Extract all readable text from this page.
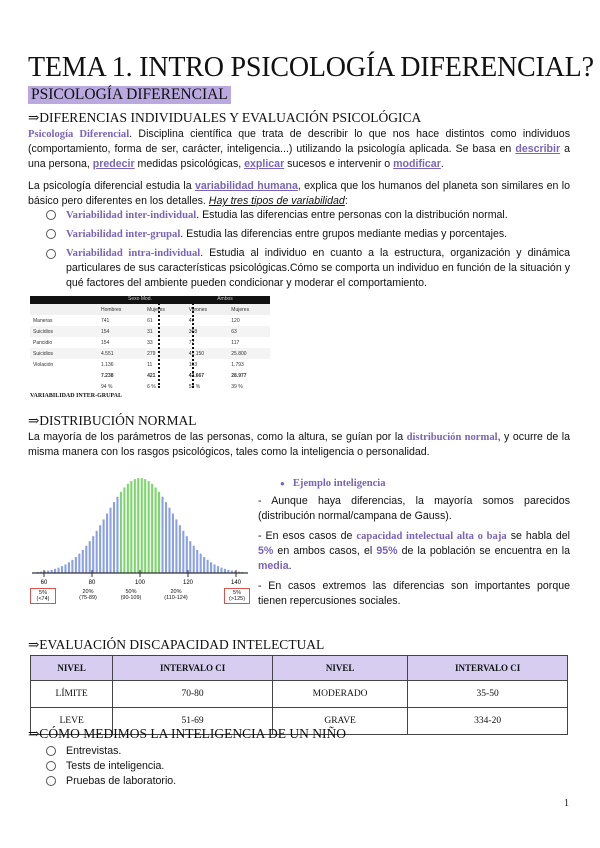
TEMA 1. INTRO PSICOLOGÍA DIFERENCIAL?
PSICOLOGÍA DIFERENCIAL
⇒DIFERENCIAS INDIVIDUALES Y EVALUACIÓN PSICOLÓGICA
Psicología Diferencial. Disciplina científica que trata de describir lo que nos hace distintos como individuos (comportamiento, forma de ser, carácter, inteligencia...) utilizando la psicología aplicada. Se basa en describir a una persona, predecir medidas psicológicas, explicar sucesos e intervenir o modificar.
La psicología diferencial estudia la variabilidad humana, explica que los humanos del planeta son similares en lo básico pero diferentes en los detalles. Hay tres tipos de variabilidad:
Variabilidad inter-individual. Estudia las diferencias entre personas con la distribución normal.
Variabilidad inter-grupal. Estudia las diferencias entre grupos mediante medias y porcentajes.
Variabilidad intra-individual. Estudia al individuo en cuanto a la estructura, organización y dinámica particulares de sus características psicológicas.Cómo se comporta un individuo en función de la situación y qué factores del ambiente pueden condicionar y moderar el comportamiento.
Sexo Mod.	Ambos
	Hombres	Mujeres	Varones	Mujeres
Maneras	741	61	47	120
Suicidios	154	31	368	63
Pancidio	154	33	77	117
Suicidios	4.551	279	41.150	25.800
Violación	1.136	11	153	1.793
	7.238	421	43.667	28.977
	94 %	6 %	53 %	39 %
VARIABILIDAD INTER-GRUPAL
⇒DISTRIBUCIÓN NORMAL
La mayoría de los parámetros de las personas, como la altura, se guían por la distribución normal, y ocurre de la misma manera con los rasgos psicológicos, tales como la inteligencia o personalidad.
60	80	100	120	140
5%
(<74)
20%
(75-89)
50%
(90-109)
20%
(110-124)
5%
(>125)
● Ejemplo inteligencia
- Aunque haya diferencias, la mayoría somos parecidos (distribución normal/campana de Gauss).
- En esos casos de capacidad intelectual alta o baja se habla del 5% en ambos casos, el 95% de la población se encuentra en la media.
- En casos extremos las diferencias son importantes porque tienen repercusiones sociales.
⇒EVALUACIÓN DISCAPACIDAD INTELECTUAL
NIVEL	INTERVALO CI	NIVEL	INTERVALO CI
LÍMITE	70-80	MODERADO	35-50
LEVE	51-69	GRAVE	334-20
⇒CÓMO MEDIMOS LA INTELIGENCIA DE UN NIÑO
Entrevistas.
Tests de inteligencia.
Pruebas de laboratorio.
1
